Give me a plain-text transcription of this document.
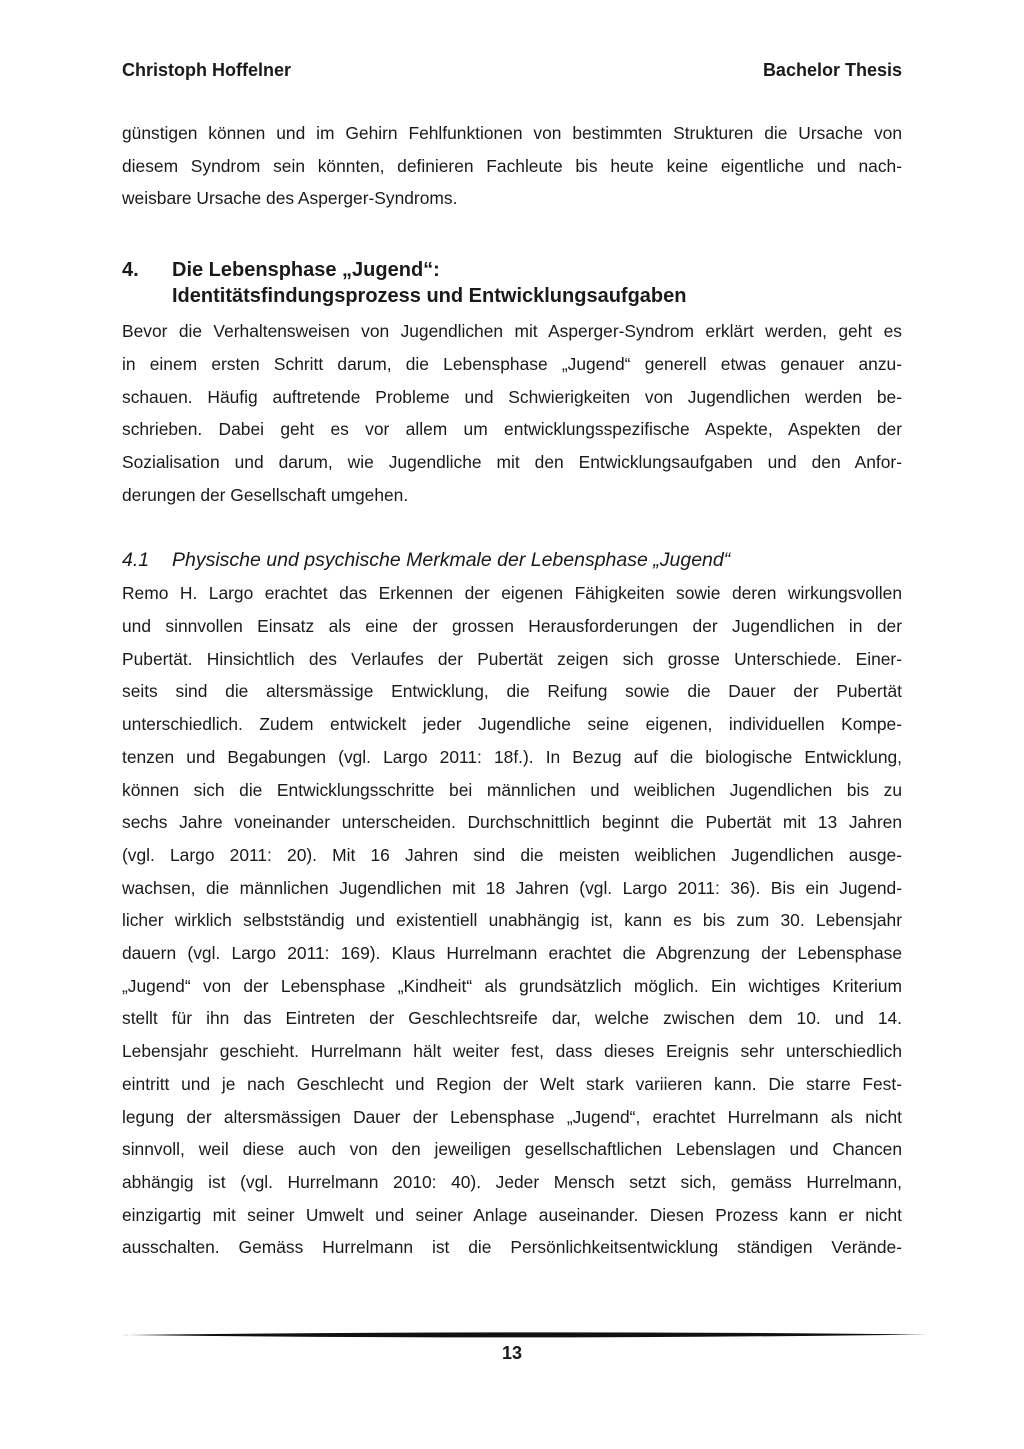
Christoph Hoffelner	Bachelor Thesis

günstigen können und im Gehirn Fehlfunktionen von bestimmten Strukturen die Ursache von
diesem Syndrom sein könnten, definieren Fachleute bis heute keine eigentliche und nach-
weisbare Ursache des Asperger-Syndroms.

4. Die Lebensphase „Jugend“:
Identitätsfindungsprozess und Entwicklungsaufgaben

Bevor die Verhaltensweisen von Jugendlichen mit Asperger-Syndrom erklärt werden, geht es
in einem ersten Schritt darum, die Lebensphase „Jugend“ generell etwas genauer anzu-
schauen. Häufig auftretende Probleme und Schwierigkeiten von Jugendlichen werden be-
schrieben. Dabei geht es vor allem um entwicklungsspezifische Aspekte, Aspekten der
Sozialisation und darum, wie Jugendliche mit den Entwicklungsaufgaben und den Anfor-
derungen der Gesellschaft umgehen.

4.1 Physische und psychische Merkmale der Lebensphase „Jugend“

Remo H. Largo erachtet das Erkennen der eigenen Fähigkeiten sowie deren wirkungsvollen
und sinnvollen Einsatz als eine der grossen Herausforderungen der Jugendlichen in der
Pubertät. Hinsichtlich des Verlaufes der Pubertät zeigen sich grosse Unterschiede. Einer-
seits sind die altersmässige Entwicklung, die Reifung sowie die Dauer der Pubertät
unterschiedlich. Zudem entwickelt jeder Jugendliche seine eigenen, individuellen Kompe-
tenzen und Begabungen (vgl. Largo 2011: 18f.). In Bezug auf die biologische Entwicklung,
können sich die Entwicklungsschritte bei männlichen und weiblichen Jugendlichen bis zu
sechs Jahre voneinander unterscheiden. Durchschnittlich beginnt die Pubertät mit 13 Jahren
(vgl. Largo 2011: 20). Mit 16 Jahren sind die meisten weiblichen Jugendlichen ausge-
wachsen, die männlichen Jugendlichen mit 18 Jahren (vgl. Largo 2011: 36). Bis ein Jugend-
licher wirklich selbstständig und existentiell unabhängig ist, kann es bis zum 30. Lebensjahr
dauern (vgl. Largo 2011: 169). Klaus Hurrelmann erachtet die Abgrenzung der Lebensphase
„Jugend“ von der Lebensphase „Kindheit“ als grundsätzlich möglich. Ein wichtiges Kriterium
stellt für ihn das Eintreten der Geschlechtsreife dar, welche zwischen dem 10. und 14.
Lebensjahr geschieht. Hurrelmann hält weiter fest, dass dieses Ereignis sehr unterschiedlich
eintritt und je nach Geschlecht und Region der Welt stark variieren kann. Die starre Fest-
legung der altersmässigen Dauer der Lebensphase „Jugend“, erachtet Hurrelmann als nicht
sinnvoll, weil diese auch von den jeweiligen gesellschaftlichen Lebenslagen und Chancen
abhängig ist (vgl. Hurrelmann 2010: 40). Jeder Mensch setzt sich, gemäss Hurrelmann,
einzigartig mit seiner Umwelt und seiner Anlage auseinander. Diesen Prozess kann er nicht
ausschalten. Gemäss Hurrelmann ist die Persönlichkeitsentwicklung ständigen Verände-

13
